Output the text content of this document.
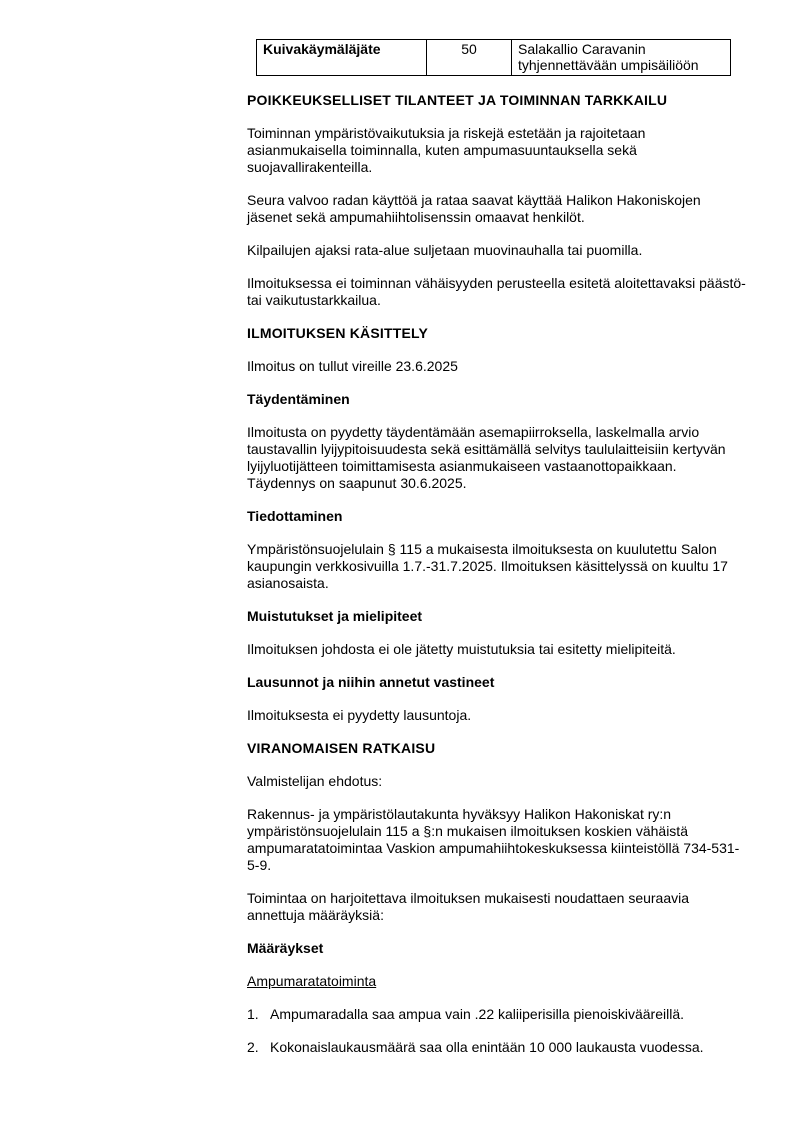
Kuivakäymäläjäte	50	Salakallio Caravanin tyhjennettävään umpisäiliöön
POIKKEUKSELLISET TILANTEET JA TOIMINNAN TARKKAILU

Toiminnan ympäristövaikutuksia ja riskejä estetään ja rajoitetaan asianmukaisella toiminnalla, kuten ampumasuuntauksella sekä suojavallirakenteilla.

Seura valvoo radan käyttöä ja rataa saavat käyttää Halikon Hakoniskojen jäsenet sekä ampumahiihtolisenssin omaavat henkilöt.

Kilpailujen ajaksi rata-alue suljetaan muovinauhalla tai puomilla.

Ilmoituksessa ei toiminnan vähäisyyden perusteella esitetä aloitettavaksi päästö- tai vaikutustarkkailua.

ILMOITUKSEN KÄSITTELY

Ilmoitus on tullut vireille 23.6.2025

Täydentäminen

Ilmoitusta on pyydetty täydentämään asemapiirroksella, laskelmalla arvio taustavallin lyijypitoisuudesta sekä esittämällä selvitys taululaitteisiin kertyvän lyijyluotijätteen toimittamisesta asianmukaiseen vastaanottopaikkaan. Täydennys on saapunut 30.6.2025.

Tiedottaminen

Ympäristönsuojelulain § 115 a mukaisesta ilmoituksesta on kuulutettu Salon kaupungin verkkosivuilla 1.7.-31.7.2025. Ilmoituksen käsittelyssä on kuultu 17 asianosaista.

Muistutukset ja mielipiteet

Ilmoituksen johdosta ei ole jätetty muistutuksia tai esitetty mielipiteitä.

Lausunnot ja niihin annetut vastineet

Ilmoituksesta ei pyydetty lausuntoja.

VIRANOMAISEN RATKAISU

Valmistelijan ehdotus:

Rakennus- ja ympäristölautakunta hyväksyy Halikon Hakoniskat ry:n ympäristönsuojelulain 115 a §:n mukaisen ilmoituksen koskien vähäistä ampumaratatoimintaa Vaskion ampumahiihtokeskuksessa kiinteistöllä 734-531-5-9.

Toimintaa on harjoitettava ilmoituksen mukaisesti noudattaen seuraavia annettuja määräyksiä:

Määräykset
Ampumaratatoiminta
1. Ampumaradalla saa ampua vain .22 kaliiperisilla pienoiskivääreillä.
2. Kokonaislaukausmäärä saa olla enintään 10 000 laukausta vuodessa.
